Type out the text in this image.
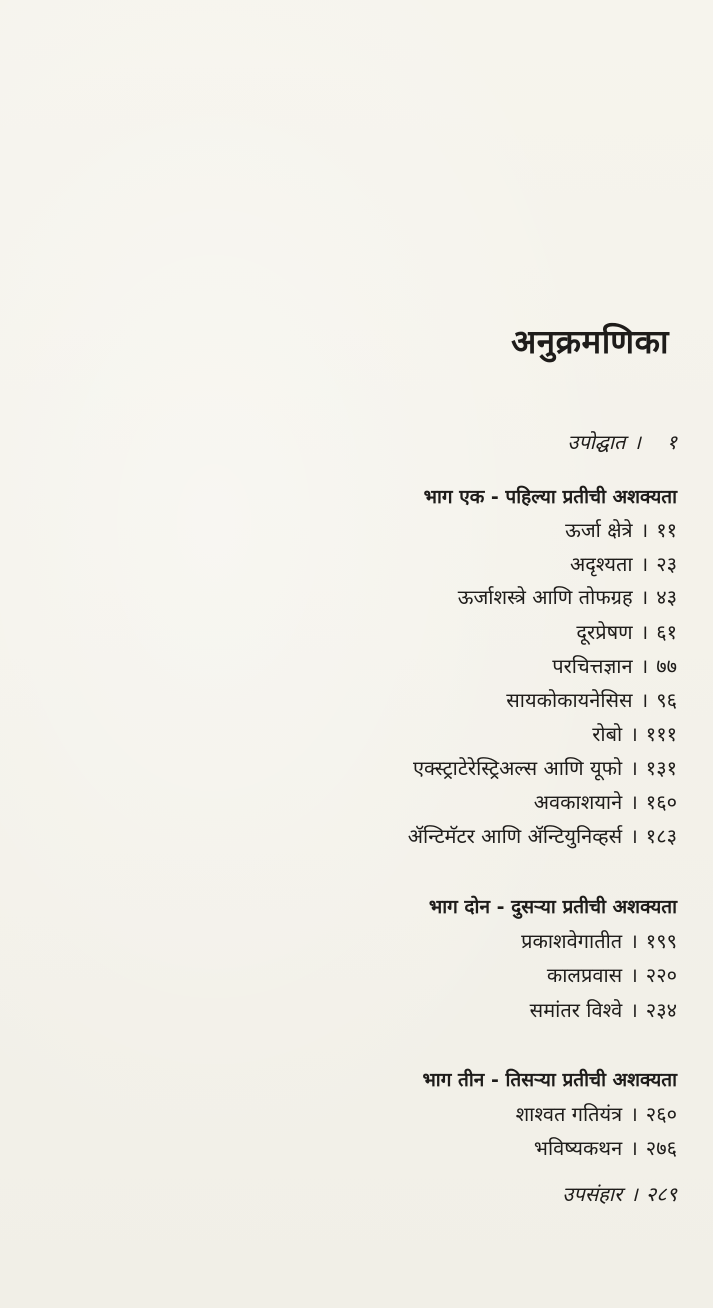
अनुक्रमणिका
उपोद्घात । १
भाग एक - पहिल्या प्रतीची अशक्यता
ऊर्जा क्षेत्रे । ११
अदृश्यता । २३
ऊर्जाशस्त्रे आणि तोफग्रह । ४३
दूरप्रेषण । ६१
परचित्तज्ञान । ७७
सायकोकायनेसिस । ९६
रोबो । १११
एक्स्ट्राटेरेस्ट्रिअल्स आणि यूफो । १३१
अवकाशयाने । १६०
ॲन्टिमॅटर आणि ॲन्टियुनिव्हर्स । १८३
भाग दोन - दुसऱ्या प्रतीची अशक्यता
प्रकाशवेगातीत । १९९
कालप्रवास । २२०
समांतर विश्वे । २३४
भाग तीन - तिसऱ्या प्रतीची अशक्यता
शाश्वत गतियंत्र । २६०
भविष्यकथन । २७६
उपसंहार । २८९
